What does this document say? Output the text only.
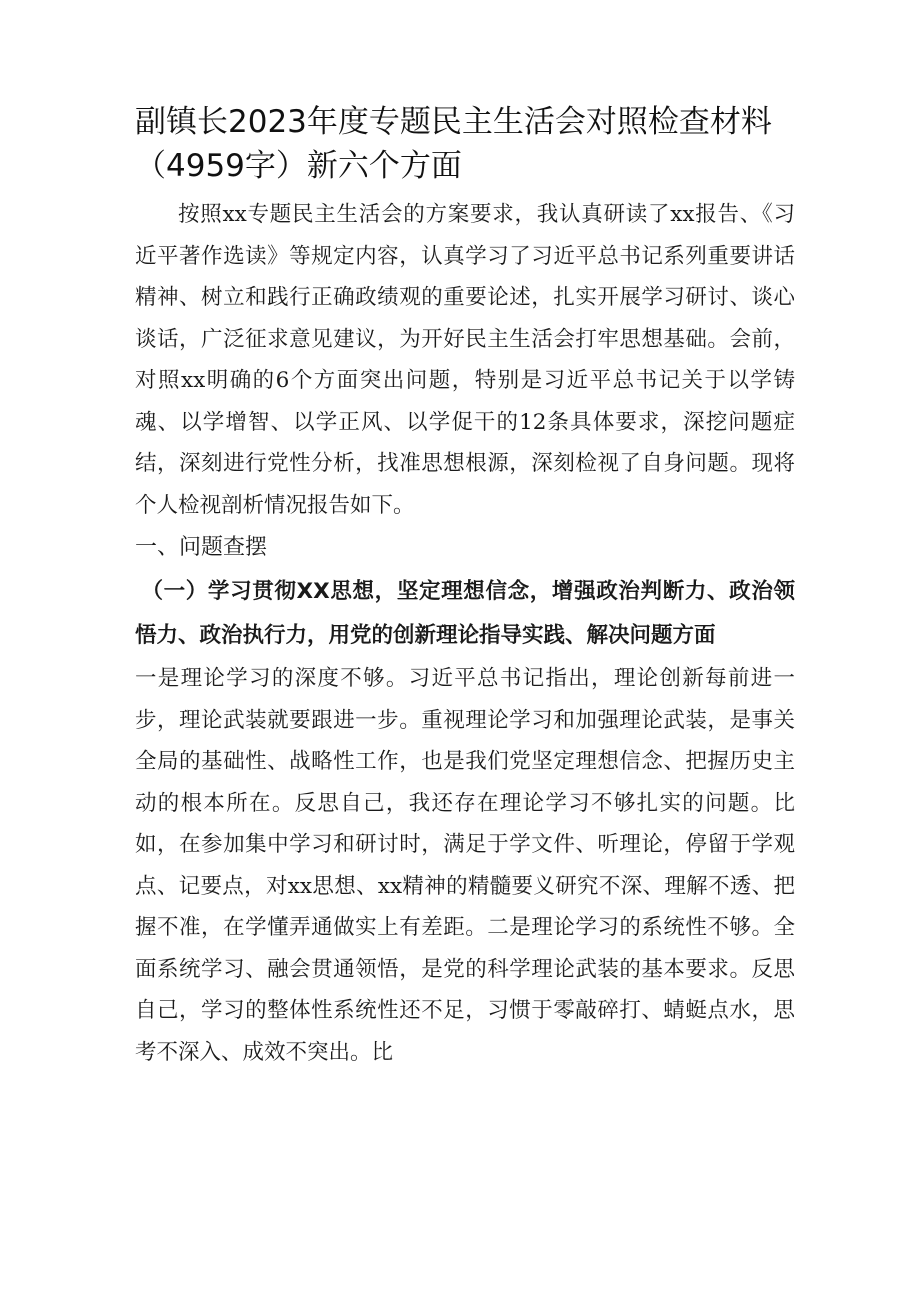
副镇长2023年度专题民主生活会对照检查材料（4959字）新六个方面

按照xx专题民主生活会的方案要求，我认真研读了xx报告、《习近平著作选读》等规定内容，认真学习了习近平总书记系列重要讲话精神、树立和践行正确政绩观的重要论述，扎实开展学习研讨、谈心谈话，广泛征求意见建议，为开好民主生活会打牢思想基础。会前，对照xx明确的6个方面突出问题，特别是习近平总书记关于以学铸魂、以学增智、以学正风、以学促干的12条具体要求，深挖问题症结，深刻进行党性分析，找准思想根源，深刻检视了自身问题。现将个人检视剖析情况报告如下。

一、问题查摆
（一）学习贯彻XX思想，坚定理想信念，增强政治判断力、政治领悟力、政治执行力，用党的创新理论指导实践、解决问题方面

一是理论学习的深度不够。习近平总书记指出，理论创新每前进一步，理论武装就要跟进一步。重视理论学习和加强理论武装，是事关全局的基础性、战略性工作，也是我们党坚定理想信念、把握历史主动的根本所在。反思自己，我还存在理论学习不够扎实的问题。比如，在参加集中学习和研讨时，满足于学文件、听理论，停留于学观点、记要点，对xx思想、xx精神的精髓要义研究不深、理解不透、把握不准，在学懂弄通做实上有差距。二是理论学习的系统性不够。全面系统学习、融会贯通领悟，是党的科学理论武装的基本要求。反思自己，学习的整体性系统性还不足，习惯于零敲碎打、蜻蜓点水，思考不深入、成效不突出。比
